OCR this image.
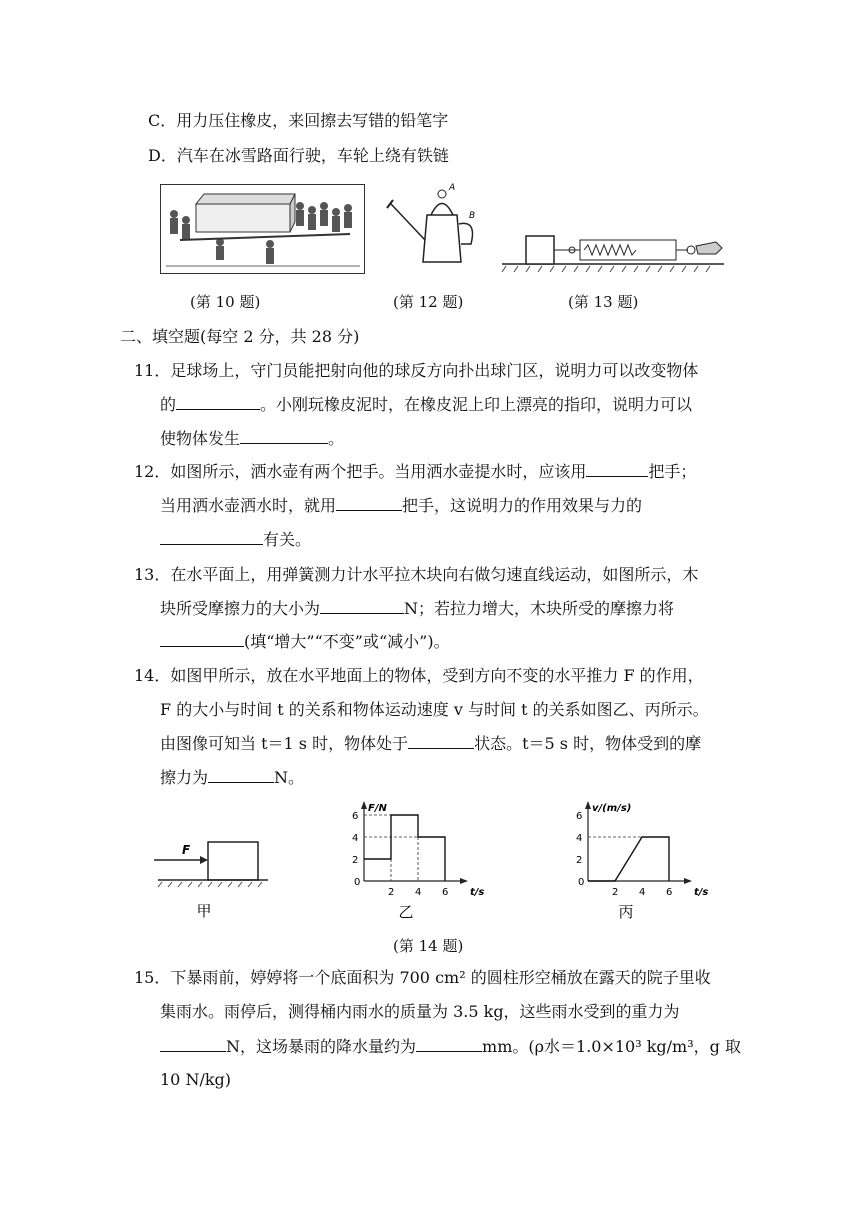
C．用力压住橡皮，来回擦去写错的铅笔字
D．汽车在冰雪路面行驶，车轮上绕有铁链
A
B
(第 10 题)	(第 12 题)	(第 13 题)
二、填空题(每空 2 分，共 28 分)
11．足球场上，守门员能把射向他的球反方向扑出球门区，说明力可以改变物体
的	。小刚玩橡皮泥时，在橡皮泥上印上漂亮的指印，说明力可以
使物体发生	。
12．如图所示，洒水壶有两个把手。当用洒水壶提水时，应该用	把手；
当用洒水壶洒水时，就用	把手，这说明力的作用效果与力的
有关。
13．在水平面上，用弹簧测力计水平拉木块向右做匀速直线运动，如图所示，木
块所受摩擦力的大小为	N；若拉力增大，木块所受的摩擦力将
(填“增大”“不变”或“减小”)。
14．如图甲所示，放在水平地面上的物体，受到方向不变的水平推力 F 的作用，
F 的大小与时间 t 的关系和物体运动速度 v 与时间 t 的关系如图乙、丙所示。
由图像可知当 t＝1 s 时，物体处于	状态。t＝5 s 时，物体受到的摩
擦力为	N。
F
甲
F/N
t/s
0
2
4
6
2 4 6
乙
v/(m/s)
t/s
0
2
4
6
2 4 6
丙
(第 14 题)
15．下暴雨前，婷婷将一个底面积为 700 cm² 的圆柱形空桶放在露天的院子里收
集雨水。雨停后，测得桶内雨水的质量为 3.5 kg，这些雨水受到的重力为
N，这场暴雨的降水量约为	mm。(ρ水＝1.0×10³ kg/m³，g 取
10 N/kg)
